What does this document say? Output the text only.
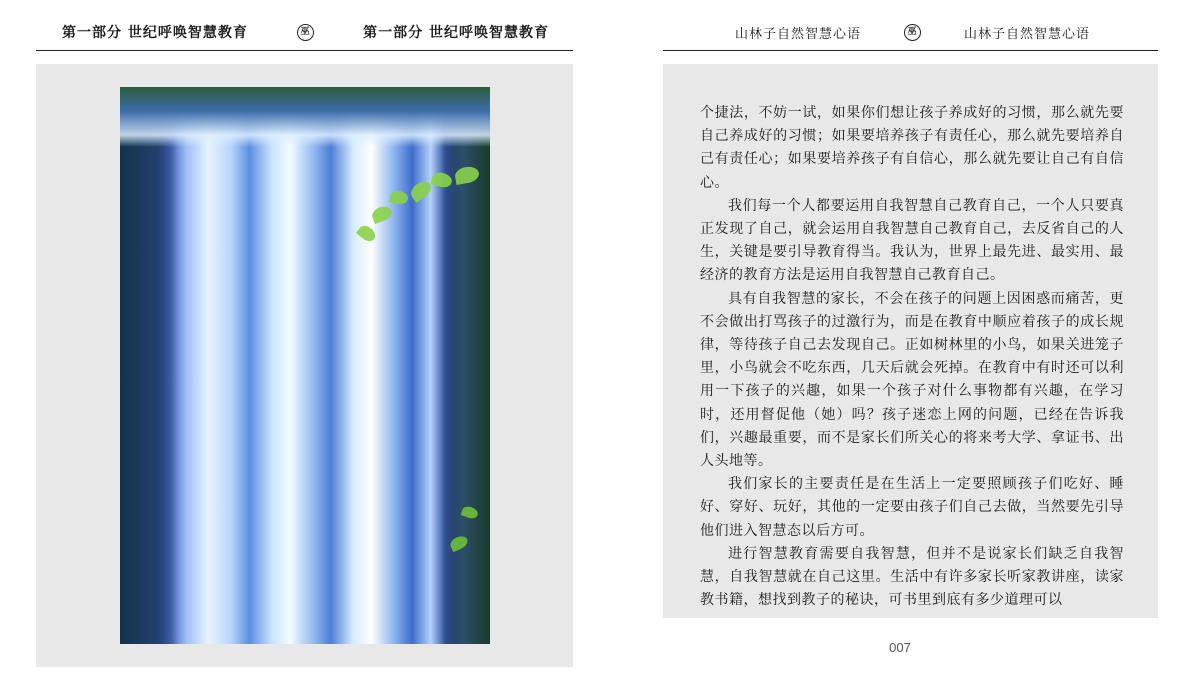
第一部分 世纪呼唤智慧教育	巫	第一部分 世纪呼唤智慧教育	山林子自然智慧心语	巫	山林子自然智慧心语

个捷法，不妨一试，如果你们想让孩子养成好的习惯，那么就先要自己养成好的习惯；如果要培养孩子有责任心，那么就先要培养自己有责任心；如果要培养孩子有自信心，那么就先要让自己有自信心。

我们每一个人都要运用自我智慧自己教育自己，一个人只要真正发现了自己，就会运用自我智慧自己教育自己，去反省自己的人生，关键是要引导教育得当。我认为，世界上最先进、最实用、最经济的教育方法是运用自我智慧自己教育自己。

具有自我智慧的家长，不会在孩子的问题上因困惑而痛苦，更不会做出打骂孩子的过激行为，而是在教育中顺应着孩子的成长规律，等待孩子自己去发现自己。正如树林里的小鸟，如果关进笼子里，小鸟就会不吃东西，几天后就会死掉。在教育中有时还可以利用一下孩子的兴趣，如果一个孩子对什么事物都有兴趣，在学习时，还用督促他（她）吗？孩子迷恋上网的问题，已经在告诉我们，兴趣最重要，而不是家长们所关心的将来考大学、拿证书、出人头地等。

我们家长的主要责任是在生活上一定要照顾孩子们吃好、睡好、穿好、玩好，其他的一定要由孩子们自己去做，当然要先引导他们进入智慧态以后方可。

进行智慧教育需要自我智慧，但并不是说家长们缺乏自我智慧，自我智慧就在自己这里。生活中有许多家长听家教讲座，读家教书籍，想找到教子的秘诀，可书里到底有多少道理可以

007
